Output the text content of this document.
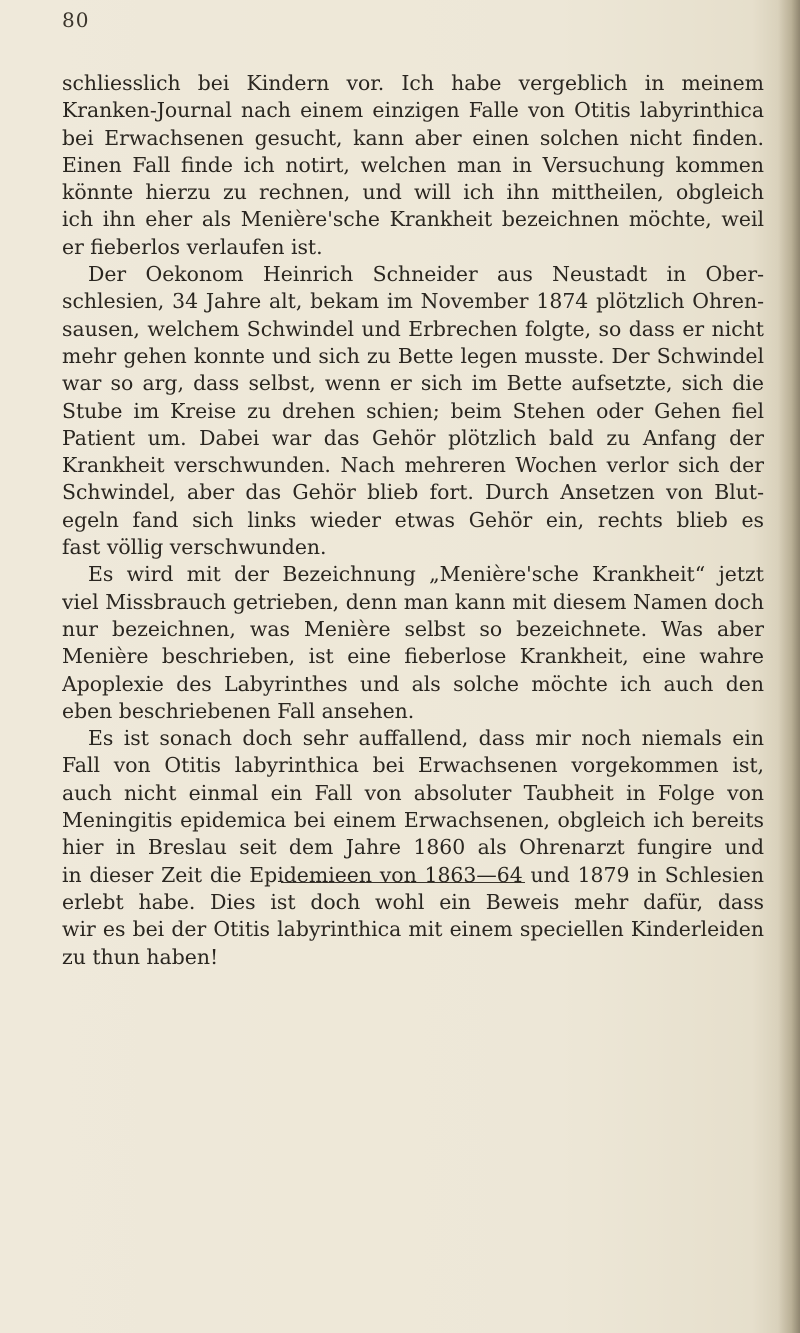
80
schliesslich bei Kindern vor. Ich habe vergeblich in meinem
Kranken-Journal nach einem einzigen Falle von Otitis labyrinthica
bei Erwachsenen gesucht, kann aber einen solchen nicht finden.
Einen Fall finde ich notirt, welchen man in Versuchung kommen
könnte hierzu zu rechnen, und will ich ihn mittheilen, obgleich
ich ihn eher als Menière'sche Krankheit bezeichnen möchte, weil
er fieberlos verlaufen ist.
Der Oekonom Heinrich Schneider aus Neustadt in Ober-
schlesien, 34 Jahre alt, bekam im November 1874 plötzlich Ohren-
sausen, welchem Schwindel und Erbrechen folgte, so dass er nicht
mehr gehen konnte und sich zu Bette legen musste. Der Schwindel
war so arg, dass selbst, wenn er sich im Bette aufsetzte, sich die
Stube im Kreise zu drehen schien; beim Stehen oder Gehen fiel
Patient um. Dabei war das Gehör plötzlich bald zu Anfang der
Krankheit verschwunden. Nach mehreren Wochen verlor sich der
Schwindel, aber das Gehör blieb fort. Durch Ansetzen von Blut-
egeln fand sich links wieder etwas Gehör ein, rechts blieb es
fast völlig verschwunden.
Es wird mit der Bezeichnung „Menière'sche Krankheit“ jetzt
viel Missbrauch getrieben, denn man kann mit diesem Namen doch
nur bezeichnen, was Menière selbst so bezeichnete. Was aber
Menière beschrieben, ist eine fieberlose Krankheit, eine wahre
Apoplexie des Labyrinthes und als solche möchte ich auch den
eben beschriebenen Fall ansehen.
Es ist sonach doch sehr auffallend, dass mir noch niemals ein
Fall von Otitis labyrinthica bei Erwachsenen vorgekommen ist,
auch nicht einmal ein Fall von absoluter Taubheit in Folge von
Meningitis epidemica bei einem Erwachsenen, obgleich ich bereits
hier in Breslau seit dem Jahre 1860 als Ohrenarzt fungire und
in dieser Zeit die Epidemieen von 1863—64 und 1879 in Schlesien
erlebt habe. Dies ist doch wohl ein Beweis mehr dafür, dass
wir es bei der Otitis labyrinthica mit einem speciellen Kinderleiden
zu thun haben!
